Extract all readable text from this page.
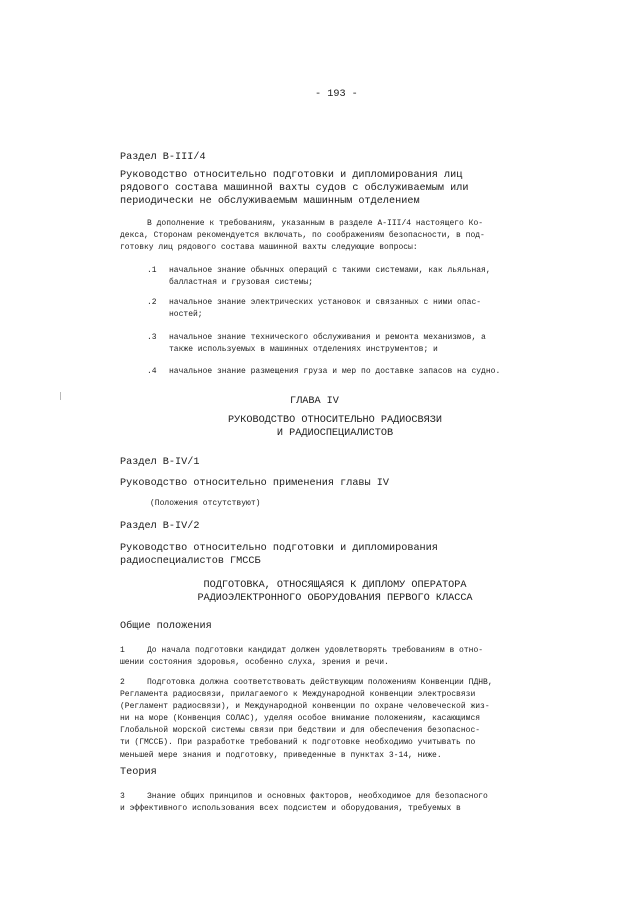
- 193 -
Раздел В-III/4
Руководство относительно подготовки и дипломирования лиц
рядового состава машинной вахты судов с обслуживаемым или
периодически не обслуживаемым машинным отделением
В дополнение к требованиям, указанным в разделе А-III/4 настоящего Ко-
декса, Сторонам рекомендуется включать, по соображениям безопасности, в под-
готовку лиц рядового состава машинной вахты следующие вопросы:
.1 начальное знание обычных операций с такими системами, как льяльная,
балластная и грузовая системы;
.2 начальное знание электрических установок и связанных с ними опас-
ностей;
.3 начальное знание технического обслуживания и ремонта механизмов, а
также используемых в машинных отделениях инструментов; и
.4 начальное знание размещения груза и мер по доставке запасов на судно.
ГЛАВА IV
РУКОВОДСТВО ОТНОСИТЕЛЬНО РАДИОСВЯЗИ
И РАДИОСПЕЦИАЛИСТОВ
Раздел В-IV/1
Руководство относительно применения главы IV
(Положения отсутствуют)
Раздел В-IV/2
Руководство относительно подготовки и дипломирования
радиоспециалистов ГМССБ
ПОДГОТОВКА, ОТНОСЯЩАЯСЯ К ДИПЛОМУ ОПЕРАТОРА
РАДИОЭЛЕКТРОННОГО ОБОРУДОВАНИЯ ПЕРВОГО КЛАССА
Общие положения
1	До начала подготовки кандидат должен удовлетворять требованиям в отно-
шении состояния здоровья, особенно слуха, зрения и речи.
2	Подготовка должна соответствовать действующим положениям Конвенции ПДНВ,
Регламента радиосвязи, прилагаемого к Международной конвенции электросвязи
(Регламент радиосвязи), и Международной конвенции по охране человеческой жиз-
ни на море (Конвенция СОЛАС), уделяя особое внимание положениям, касающимся
Глобальной морской системы связи при бедствии и для обеспечения безопаснос-
ти (ГМССБ). При разработке требований к подготовке необходимо учитывать по
меньшей мере знания и подготовку, приведенные в пунктах 3-14, ниже.
Теория
3	Знание общих принципов и основных факторов, необходимое для безопасного
и эффективного использования всех подсистем и оборудования, требуемых в
